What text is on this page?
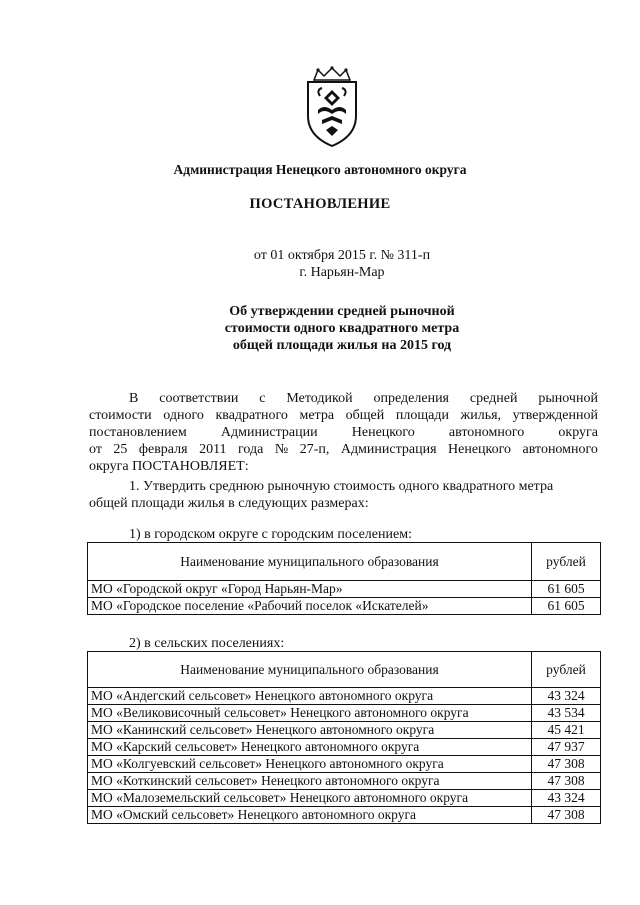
Администрация Ненецкого автономного округа
ПОСТАНОВЛЕНИЕ
от 01 октября 2015 г. № 311-п
г. Нарьян-Мар
Об утверждении средней рыночной
стоимости одного квадратного метра
общей площади жилья на 2015 год
В соответствии с Методикой определения средней рыночной
стоимости одного квадратного метра общей площади жилья, утвержденной
постановлением Администрации Ненецкого автономного округа
от 25 февраля 2011 года № 27-п, Администрация Ненецкого автономного
округа ПОСТАНОВЛЯЕТ:
1. Утвердить среднюю рыночную стоимость одного квадратного метра
общей площади жилья в следующих размерах:
1) в городском округе с городским поселением:
Наименование муниципального образования	рублей
МО «Городской округ «Город Нарьян-Мар»	61 605
МО «Городское поселение «Рабочий поселок «Искателей»	61 605
2) в сельских поселениях:
Наименование муниципального образования	рублей
МО «Андегский сельсовет» Ненецкого автономного округа	43 324
МО «Великовисочный сельсовет» Ненецкого автономного округа	43 534
МО «Канинский сельсовет» Ненецкого автономного округа	45 421
МО «Карский сельсовет» Ненецкого автономного округа	47 937
МО «Колгуевский сельсовет» Ненецкого автономного округа	47 308
МО «Коткинский сельсовет» Ненецкого автономного округа	47 308
МО «Малоземельский сельсовет» Ненецкого автономного округа	43 324
МО «Омский сельсовет» Ненецкого автономного округа	47 308
